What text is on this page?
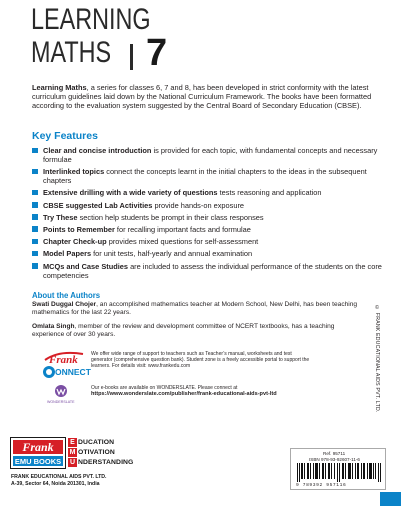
LEARNING
MATHS 7

Learning Maths, a series for classes 6, 7 and 8, has been developed in strict conformity with the latest curriculum guidelines laid down by the National Curriculum Framework. The books have been formatted according to the evaluation system suggested by the Central Board of Secondary Education (CBSE).

Key Features
Clear and concise introduction is provided for each topic, with fundamental concepts and necessary formulae
Interlinked topics connect the concepts learnt in the initial chapters to the ideas in the subsequent chapters
Extensive drilling with a wide variety of questions tests reasoning and application
CBSE suggested Lab Activities provide hands-on exposure
Try These section help students be prompt in their class responses
Points to Remember for recalling important facts and formulae
Chapter Check-up provides mixed questions for self-assessment
Model Papers for unit tests, half-yearly and annual examination
MCQs and Case Studies are included to assess the individual performance of the students on the core competencies
About the Authors

Swati Duggal Chojer, an accomplished mathematics teacher at Modern School, New Delhi, has been teaching mathematics for the last 22 years.

Omlata Singh, member of the review and development committee of NCERT textbooks, has a teaching experience of over 30 years.	© FRANK EDUCATIONAL AIDS PVT. LTD.
Frank
ONNECT

We offer wide range of support to teachers such as Teacher’s manual, worksheets and test generator (comprehensive question bank). Student zone is a freely accessible portal to support the learners. For details visit: www.frankedu.com

WONDERSLATE
Our e-books are available on WONDERSLATE. Please connect at
https://www.wonderslate.com/publisher/frank-educational-aids-pvt-ltd
Frank
EMU BOOKS
E DUCATION
M OTIVATION
U NDERSTANDING
FRANK EDUCATIONAL AIDS PVT. LTD.
A-39, Sector 64, Noida 201301, India
Ref. 95711
ISBN 978-93-92607-11-6
9 789392 957116
